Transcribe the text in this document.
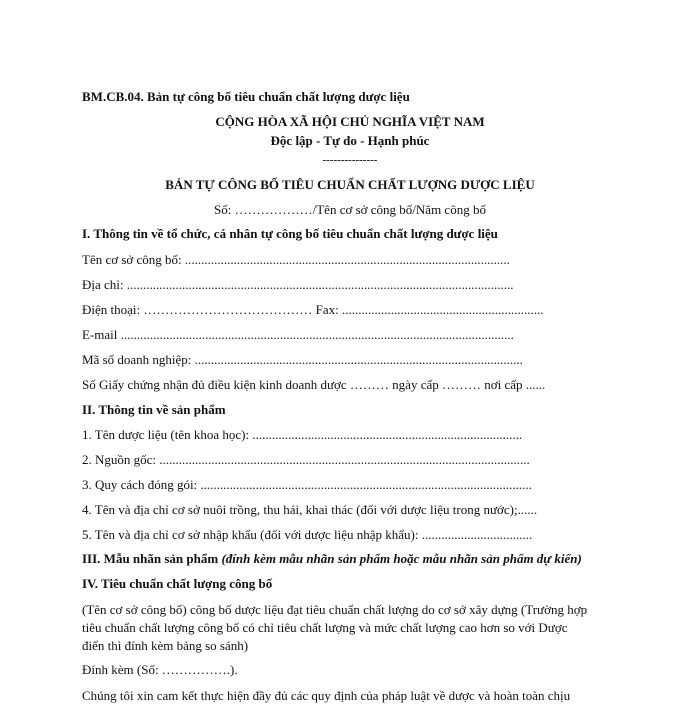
BM.CB.04. Bản tự công bố tiêu chuẩn chất lượng dược liệu
CỘNG HÒA XÃ HỘI CHỦ NGHĨA VIỆT NAM
Độc lập - Tự do - Hạnh phúc
---------------
BẢN TỰ CÔNG BỐ TIÊU CHUẨN CHẤT LƯỢNG DƯỢC LIỆU
Số: ………………/Tên cơ sở công bố/Năm công bố
I. Thông tin về tổ chức, cá nhân tự công bố tiêu chuẩn chất lượng dược liệu
Tên cơ sở công bố: ....................................................................................................
Địa chỉ: .......................................................................................................................
Điện thoại: ………………………………… Fax: ..............................................................
E-mail .........................................................................................................................
Mã số doanh nghiệp: .....................................................................................................
Số Giấy chứng nhận đủ điều kiện kinh doanh dược ……… ngày cấp ……… nơi cấp ......
II. Thông tin về sản phẩm
1. Tên dược liệu (tên khoa học): ...................................................................................
2. Nguồn gốc: ..................................................................................................................
3. Quy cách đóng gói: ......................................................................................................
4. Tên và địa chỉ cơ sở nuôi trồng, thu hái, khai thác (đối với dược liệu trong nước);......
5. Tên và địa chỉ cơ sở nhập khẩu (đối với dược liệu nhập khẩu): ..................................
III. Mẫu nhãn sản phẩm (đính kèm mẫu nhãn sản phẩm hoặc mẫu nhãn sản phẩm dự kiến)
IV. Tiêu chuẩn chất lượng công bố
(Tên cơ sở công bố) công bố dược liệu đạt tiêu chuẩn chất lượng do cơ sở xây dựng (Trường hợp
tiêu chuẩn chất lượng công bố có chỉ tiêu chất lượng và mức chất lượng cao hơn so với Dược
điển thì đính kèm bảng so sánh)
Đính kèm (Số: …………….).
Chúng tôi xin cam kết thực hiện đầy đủ các quy định của pháp luật về dược và hoàn toàn chịu
